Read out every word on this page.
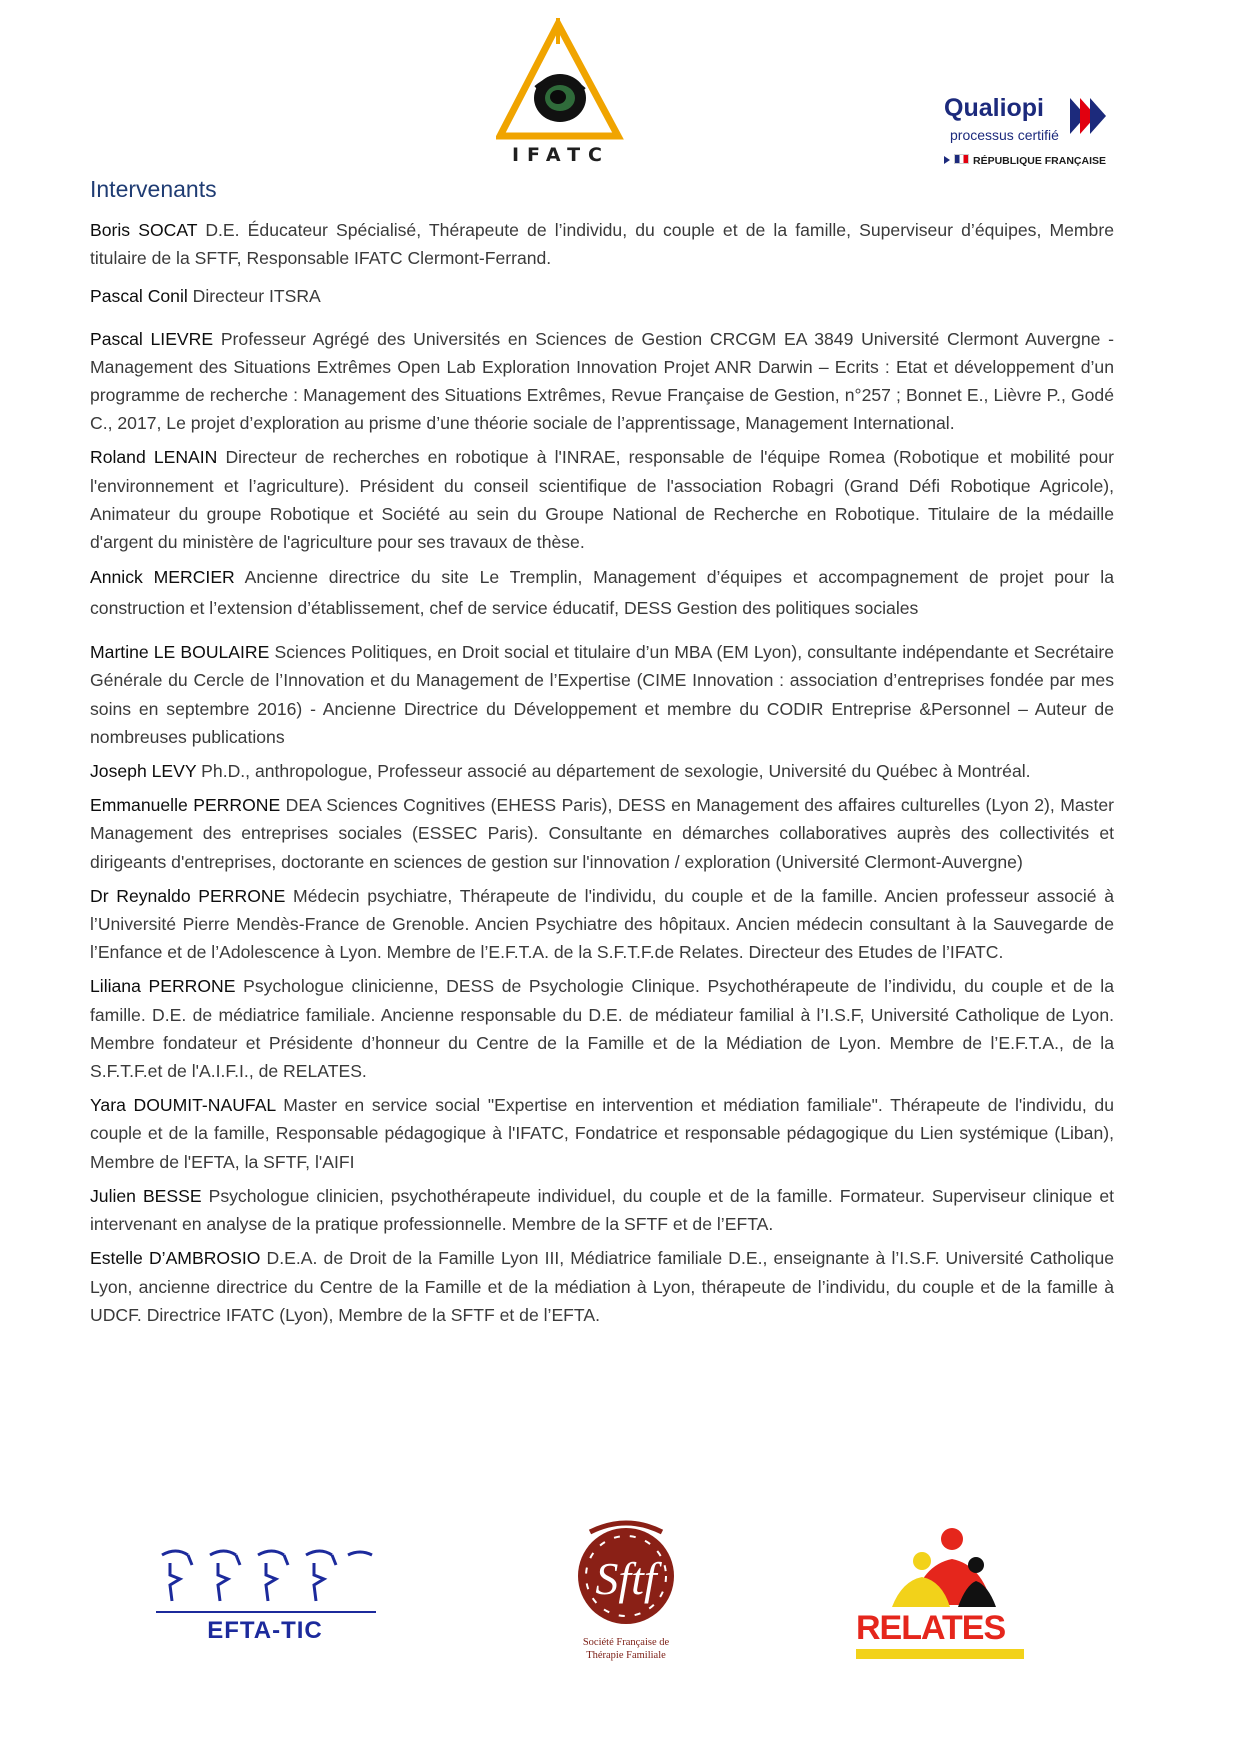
IFATC
Qualiopi
processus certifié
RÉPUBLIQUE FRANÇAISE
Intervenants

Boris SOCAT D.E. Éducateur Spécialisé, Thérapeute de l’individu, du couple et de la famille, Superviseur d’équipes, Membre titulaire de la SFTF, Responsable IFATC Clermont-Ferrand.

Pascal Conil Directeur ITSRA

Pascal LIEVRE Professeur Agrégé des Universités en Sciences de Gestion CRCGM EA 3849 Université Clermont Auvergne - Management des Situations Extrêmes Open Lab Exploration Innovation Projet ANR Darwin – Ecrits : Etat et développement d’un programme de recherche : Management des Situations Extrêmes, Revue Française de Gestion, n°257 ; Bonnet E., Lièvre P., Godé C., 2017, Le projet d’exploration au prisme d’une théorie sociale de l’apprentissage, Management International.

Roland LENAIN Directeur de recherches en robotique à l'INRAE, responsable de l'équipe Romea (Robotique et mobilité pour l'environnement et l’agriculture). Président du conseil scientifique de l'association Robagri (Grand Défi Robotique Agricole), Animateur du groupe Robotique et Société au sein du Groupe National de Recherche en Robotique. Titulaire de la médaille d'argent du ministère de l'agriculture pour ses travaux de thèse.

Annick MERCIER Ancienne directrice du site Le Tremplin, Management d’équipes et accompagnement de projet pour la construction et l’extension d’établissement, chef de service éducatif, DESS Gestion des politiques sociales

Martine LE BOULAIRE Sciences Politiques, en Droit social et titulaire d’un MBA (EM Lyon), consultante indépendante et Secrétaire Générale du Cercle de l’Innovation et du Management de l’Expertise (CIME Innovation : association d’entreprises fondée par mes soins en septembre 2016) - Ancienne Directrice du Développement et membre du CODIR Entreprise &Personnel – Auteur de nombreuses publications

Joseph LEVY Ph.D., anthropologue, Professeur associé au département de sexologie, Université du Québec à Montréal.

Emmanuelle PERRONE DEA Sciences Cognitives (EHESS Paris), DESS en Management des affaires culturelles (Lyon 2), Master Management des entreprises sociales (ESSEC Paris). Consultante en démarches collaboratives auprès des collectivités et dirigeants d'entreprises, doctorante en sciences de gestion sur l'innovation / exploration (Université Clermont-Auvergne)

Dr Reynaldo PERRONE Médecin psychiatre, Thérapeute de l'individu, du couple et de la famille. Ancien professeur associé à l’Université Pierre Mendès-France de Grenoble. Ancien Psychiatre des hôpitaux. Ancien médecin consultant à la Sauvegarde de l’Enfance et de l’Adolescence à Lyon. Membre de l’E.F.T.A. de la S.F.T.F.de Relates. Directeur des Etudes de l’IFATC.

Liliana PERRONE Psychologue clinicienne, DESS de Psychologie Clinique. Psychothérapeute de l’individu, du couple et de la famille. D.E. de médiatrice familiale. Ancienne responsable du D.E. de médiateur familial à l’I.S.F, Université Catholique de Lyon. Membre fondateur et Présidente d’honneur du Centre de la Famille et de la Médiation de Lyon. Membre de l’E.F.T.A., de la S.F.T.F.et de l'A.I.F.I., de RELATES.

Yara DOUMIT-NAUFAL Master en service social "Expertise en intervention et médiation familiale". Thérapeute de l'individu, du couple et de la famille, Responsable pédagogique à l'IFATC, Fondatrice et responsable pédagogique du Lien systémique (Liban), Membre de l'EFTA, la SFTF, l'AIFI

Julien BESSE Psychologue clinicien, psychothérapeute individuel, du couple et de la famille. Formateur. Superviseur clinique et intervenant en analyse de la pratique professionnelle. Membre de la SFTF et de l’EFTA.

Estelle D’AMBROSIO D.E.A. de Droit de la Famille Lyon III, Médiatrice familiale D.E., enseignante à l’I.S.F. Université Catholique Lyon, ancienne directrice du Centre de la Famille et de la médiation à Lyon, thérapeute de l’individu, du couple et de la famille à UDCF. Directrice IFATC (Lyon), Membre de la SFTF et de l’EFTA.

EFTA-TIC
Sftf
Société Française de
Thérapie Familiale
RELATES
